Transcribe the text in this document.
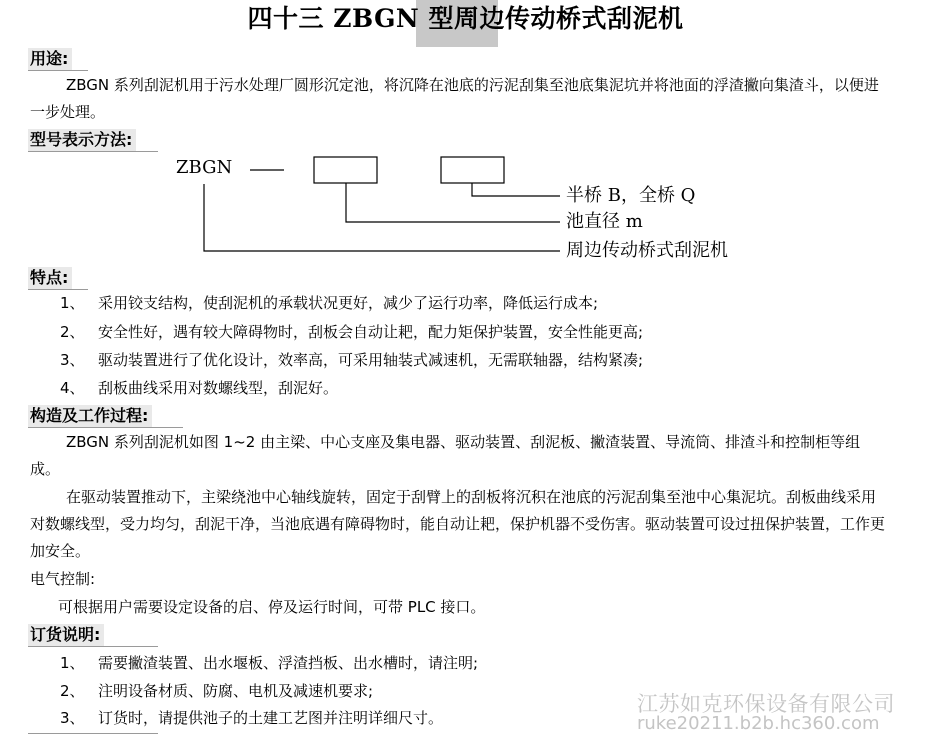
四十三 ZBGN 型周边传动桥式刮泥机
用途:
ZBGN 系列刮泥机用于污水处理厂圆形沉定池，将沉降在池底的污泥刮集至池底集泥坑并将池面的浮渣撇向集渣斗，以便进一步处理。
型号表示方法:
ZBGN
半桥 B，全桥 Q
池直径 m
周边传动桥式刮泥机
特点:
1、 采用铰支结构，使刮泥机的承载状况更好，减少了运行功率，降低运行成本;
2、 安全性好，遇有较大障碍物时，刮板会自动让耙，配力矩保护装置，安全性能更高;
3、 驱动装置进行了优化设计，效率高，可采用轴装式减速机，无需联轴器，结构紧凑;
4、 刮板曲线采用对数螺线型，刮泥好。
构造及工作过程:
ZBGN 系列刮泥机如图 1~2 由主梁、中心支座及集电器、驱动装置、刮泥板、撇渣装置、导流筒、排渣斗和控制柜等组成。
在驱动装置推动下，主梁绕池中心轴线旋转，固定于刮臂上的刮板将沉积在池底的污泥刮集至池中心集泥坑。刮板曲线采用对数螺线型，受力均匀，刮泥干净，当池底遇有障碍物时，能自动让耙，保护机器不受伤害。驱动装置可设过扭保护装置，工作更加安全。
电气控制:
可根据用户需要设定设备的启、停及运行时间，可带 PLC 接口。
订货说明:
1、 需要撇渣装置、出水堰板、浮渣挡板、出水槽时，请注明;
2、 注明设备材质、防腐、电机及减速机要求;
3、 订货时，请提供池子的土建工艺图并注明详细尺寸。
江苏如克环保设备有限公司
ruke20211.b2b.hc360.com
